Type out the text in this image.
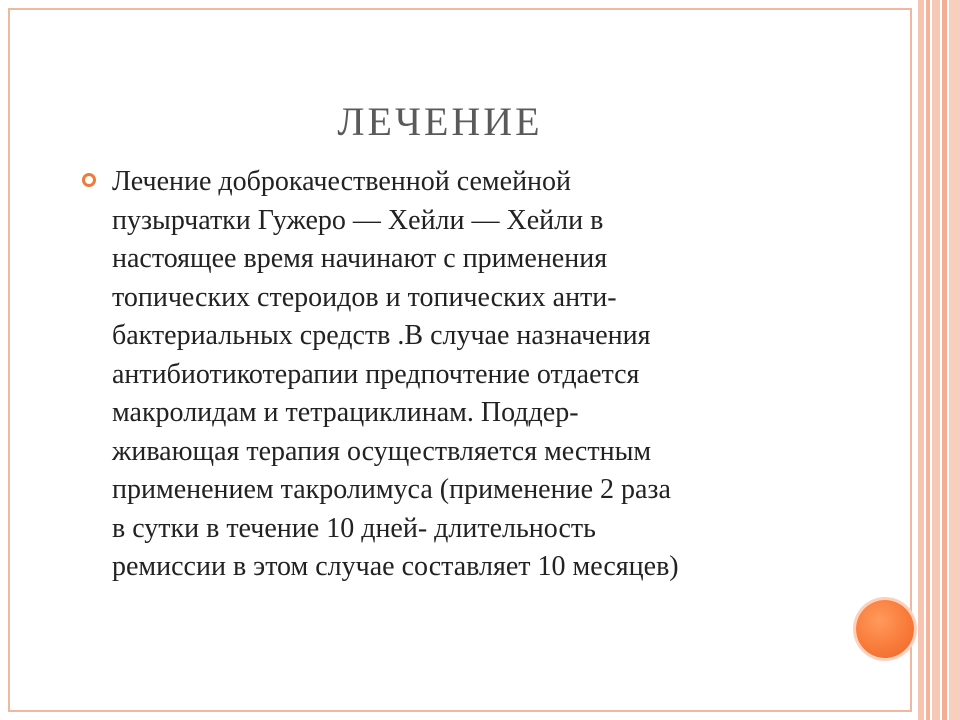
ЛЕЧЕНИЕ
Лечение доброкачественной семейной
пузырчатки Гужеро — Хейли — Хейли в
настоящее время начинают с применения
топических стероидов и топических анти-
бактериальных средств .В случае назначения
антибиотикотерапии предпочтение отдается
макролидам и тетрациклинам. Поддер-
живающая терапия осуществляется местным
применением такролимуса (применение 2 раза
в сутки в течение 10 дней- длительность
ремиссии в этом случае составляет 10 месяцев)
